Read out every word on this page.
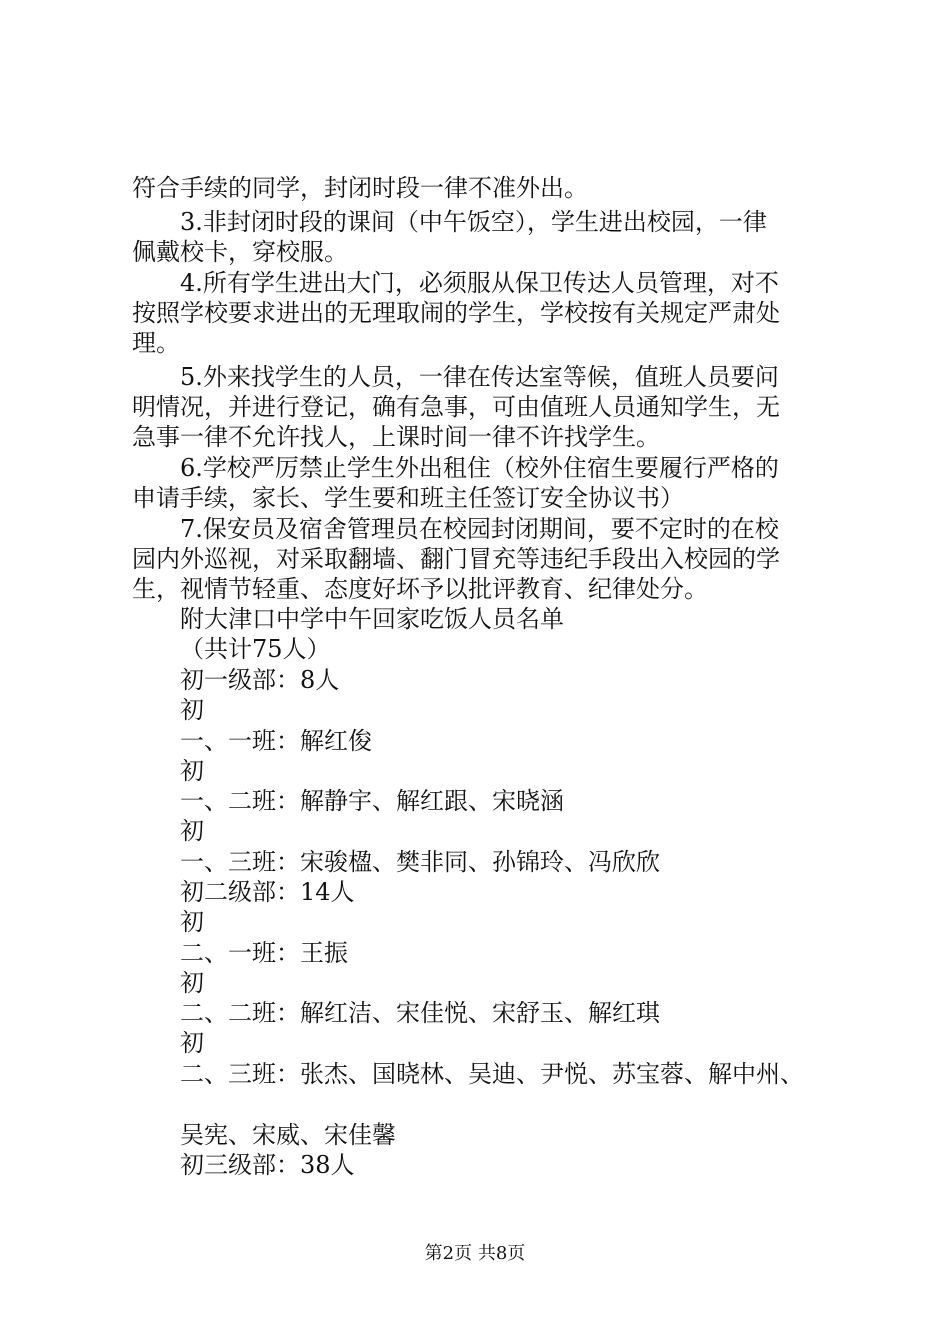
符合手续的同学，封闭时段一律不准外出。
3.非封闭时段的课间（中午饭空），学生进出校园，一律
佩戴校卡，穿校服。
4.所有学生进出大门，必须服从保卫传达人员管理，对不
按照学校要求进出的无理取闹的学生，学校按有关规定严肃处
理。
5.外来找学生的人员，一律在传达室等候，值班人员要问
明情况，并进行登记，确有急事，可由值班人员通知学生，无
急事一律不允许找人，上课时间一律不许找学生。
6.学校严厉禁止学生外出租住（校外住宿生要履行严格的
申请手续，家长、学生要和班主任签订安全协议书）
7.保安员及宿舍管理员在校园封闭期间，要不定时的在校
园内外巡视，对采取翻墙、翻门冒充等违纪手段出入校园的学
生，视情节轻重、态度好坏予以批评教育、纪律处分。
附大津口中学中午回家吃饭人员名单
（共计75人）
初一级部：8人
初
一、一班：解红俊
初
一、二班：解静宇、解红跟、宋晓涵
初
一、三班：宋骏楹、樊非同、孙锦玲、冯欣欣
初二级部：14人
初
二、一班：王振
初
二、二班：解红洁、宋佳悦、宋舒玉、解红琪
初
二、三班：张杰、国晓林、吴迪、尹悦、苏宝蓉、解中州、
吴宪、宋威、宋佳馨
初三级部：38人
第2页 共8页
